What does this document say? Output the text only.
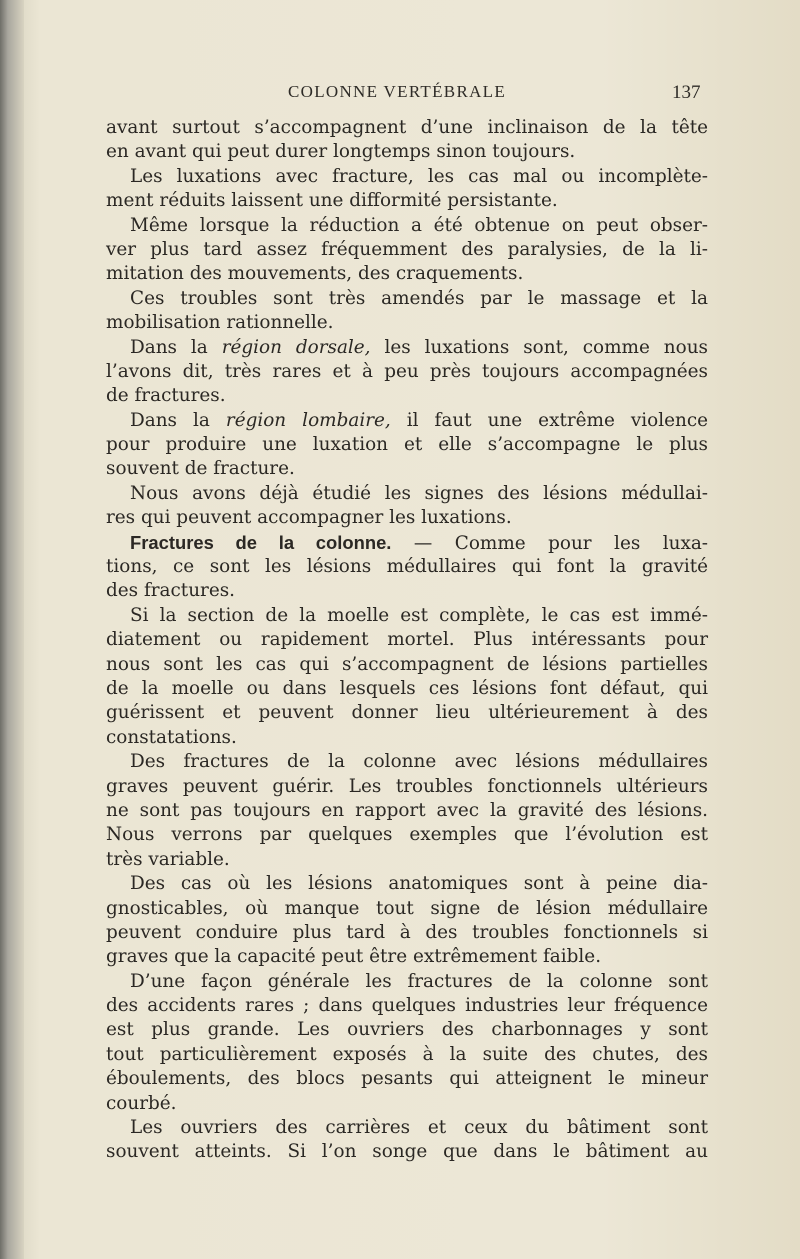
COLONNE VERTÉBRALE	137
avant surtout s’accompagnent d’une inclinaison de la tête
en avant qui peut durer longtemps sinon toujours.
Les luxations avec fracture, les cas mal ou incomplète-
ment réduits laissent une difformité persistante.
Même lorsque la réduction a été obtenue on peut obser-
ver plus tard assez fréquemment des paralysies, de la li-
mitation des mouvements, des craquements.
Ces troubles sont très amendés par le massage et la
mobilisation rationnelle.
Dans la région dorsale, les luxations sont, comme nous
l’avons dit, très rares et à peu près toujours accompagnées
de fractures.
Dans la région lombaire, il faut une extrême violence
pour produire une luxation et elle s’accompagne le plus
souvent de fracture.
Nous avons déjà étudié les signes des lésions médullai-
res qui peuvent accompagner les luxations.
Fractures de la colonne. — Comme pour les luxa-
tions, ce sont les lésions médullaires qui font la gravité
des fractures.
Si la section de la moelle est complète, le cas est immé-
diatement ou rapidement mortel. Plus intéressants pour
nous sont les cas qui s’accompagnent de lésions partielles
de la moelle ou dans lesquels ces lésions font défaut, qui
guérissent et peuvent donner lieu ultérieurement à des
constatations.
Des fractures de la colonne avec lésions médullaires
graves peuvent guérir. Les troubles fonctionnels ultérieurs
ne sont pas toujours en rapport avec la gravité des lésions.
Nous verrons par quelques exemples que l’évolution est
très variable.
Des cas où les lésions anatomiques sont à peine dia-
gnosticables, où manque tout signe de lésion médullaire
peuvent conduire plus tard à des troubles fonctionnels si
graves que la capacité peut être extrêmement faible.
D’une façon générale les fractures de la colonne sont
des accidents rares ; dans quelques industries leur fréquence
est plus grande. Les ouvriers des charbonnages y sont
tout particulièrement exposés à la suite des chutes, des
éboulements, des blocs pesants qui atteignent le mineur
courbé.
Les ouvriers des carrières et ceux du bâtiment sont
souvent atteints. Si l’on songe que dans le bâtiment au
